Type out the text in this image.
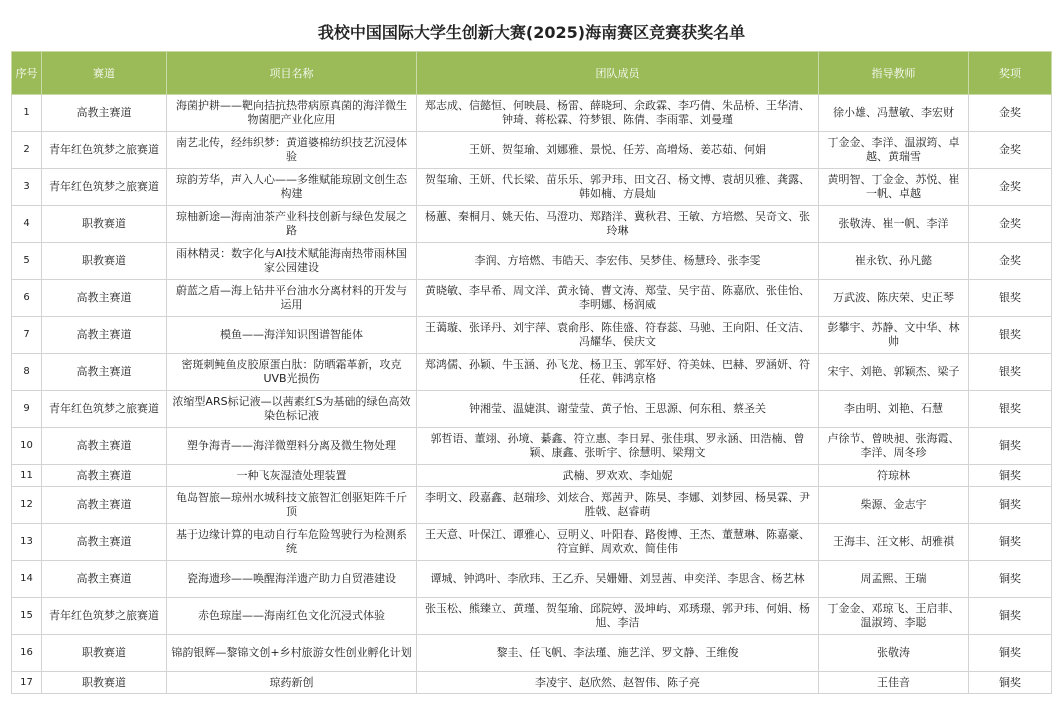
我校中国国际大学生创新大赛(2025)海南赛区竞赛获奖名单
序号	赛道	项目名称	团队成员	指导教师	奖项
1	高教主赛道	海菌护耕——靶向拮抗热带病原真菌的海洋微生物菌肥产业化应用	郑志成、信懿恒、何映晨、杨雷、薛晓珂、余政霖、李巧倩、朱品桥、王华清、钟琦、蒋松霖、符梦银、陈倩、李雨霏、刘曼瑾	徐小雄、冯慧敏、李宏财	金奖
2	青年红色筑梦之旅赛道	南艺北传，经纬织梦：黄道婆棉纺织技艺沉浸体验	王妍、贺玺瑜、刘娜雅、景悦、任芳、高增炀、姜芯茹、何娟	丁金金、李洋、温淑筠、卓越、黄瑞雪	金奖
3	青年红色筑梦之旅赛道	琼韵芳华，声入人心——多维赋能琼剧文创生态构建	贺玺瑜、王妍、代长梁、苗乐乐、郭尹玮、田文召、杨文博、袁胡贝雅、龚露、韩如楠、方晨灿	黄明智、丁金金、苏悦、崔一帆、卓越	金奖
4	职教赛道	琼柚新途—海南油茶产业科技创新与绿色发展之路	杨蕙、秦桐月、姚天佑、马澄功、郑踏洋、冀秋君、王敏、方培燃、吴奇文、张玲琳	张敬涛、崔一帆、李洋	金奖
5	职教赛道	雨林精灵：数字化与AI技术赋能海南热带雨林国家公园建设	李润、方培燃、韦皓天、李宏伟、吴梦佳、杨慧玲、张李雯	崔永钦、孙凡懿	金奖
6	高教主赛道	蔚蓝之盾—海上钻井平台油水分离材料的开发与运用	黄晓敏、李早希、周文洋、黄永锜、曹文涛、郑莹、吴宇苗、陈嘉欣、张佳怡、李明娜、杨润威	万武波、陈庆荣、史正琴	银奖
7	高教主赛道	模鱼——海洋知识图谱智能体	王蔼璇、张译丹、刘宇萍、袁俞彤、陈佳盛、符春蕊、马驰、王向阳、任文洁、冯耀华、侯庆文	彭攀宇、苏静、文中华、林帅	银奖
8	高教主赛道	密斑刺鲀鱼皮胶原蛋白肽：防晒霜革新，攻克UVB光损伤	郑鸿儒、孙颖、牛玉涵、孙飞龙、杨卫玉、郭军妤、符美妹、巴赫、罗涵妍、符任花、韩鸿京格	宋宇、刘艳、郭颖杰、梁子	银奖
9	青年红色筑梦之旅赛道	浓缩型ARS标记液—以茜素红S为基础的绿色高效染色标记液	钟湘莹、温婕淇、谢莹莹、黄子怡、王思源、何东租、蔡圣关	李由明、刘艳、石慧	银奖
10	高教主赛道	塑争海青——海洋微塑料分离及微生物处理	郭哲语、董翊、孙境、綦鑫、符立惠、李日昇、张佳琪、罗永涵、田浩楠、曾颖、康鑫、张昕宇、徐慧明、梁翔文	卢徐节、曾映昶、张海霞、李洋、周冬珍	铜奖
11	高教主赛道	一种飞灰湿渣处理装置	武楠、罗欢欢、李灿妮	符琼林	铜奖
12	高教主赛道	龟岛智旅—琼州水城科技文旅智汇创驱矩阵千斤顶	李明文、段嘉鑫、赵瑞珍、刘炫合、郑茜尹、陈昊、李娜、刘梦园、杨昊霖、尹胜戟、赵睿萌	柴源、金志宇	铜奖
13	高教主赛道	基于边缘计算的电动自行车危险驾驶行为检测系统	王天意、叶保江、谭雅心、豆明义、叶阳春、路俊博、王杰、董慧琳、陈嘉豪、符宣鲜、周欢欢、简佳伟	王海丰、汪文彬、胡雅祺	铜奖
14	高教主赛道	瓷海遗珍——唤醒海洋遗产助力自贸港建设	谭城、钟鸿叶、李欣玮、王乙乔、吴姗姗、刘昱茜、申奕洋、李思含、杨艺林	周孟熙、王瑞	铜奖
15	青年红色筑梦之旅赛道	赤色琼崖——海南红色文化沉浸式体验	张玉松、熊臻立、黄瑾、贺玺瑜、邱院婷、汲坤屿、邓琇璟、郭尹玮、何娟、杨旭、李洁	丁金金、邓琼飞、王启菲、温淑筠、李聪	铜奖
16	职教赛道	锦韵银辉—黎锦文创+乡村旅游女性创业孵化计划	黎圭、任飞帆、李法瑾、施艺洋、罗文静、王维俊	张敬涛	铜奖
17	职教赛道	琼药新创	李凌宇、赵欣然、赵智伟、陈子亮	王佳音	铜奖
